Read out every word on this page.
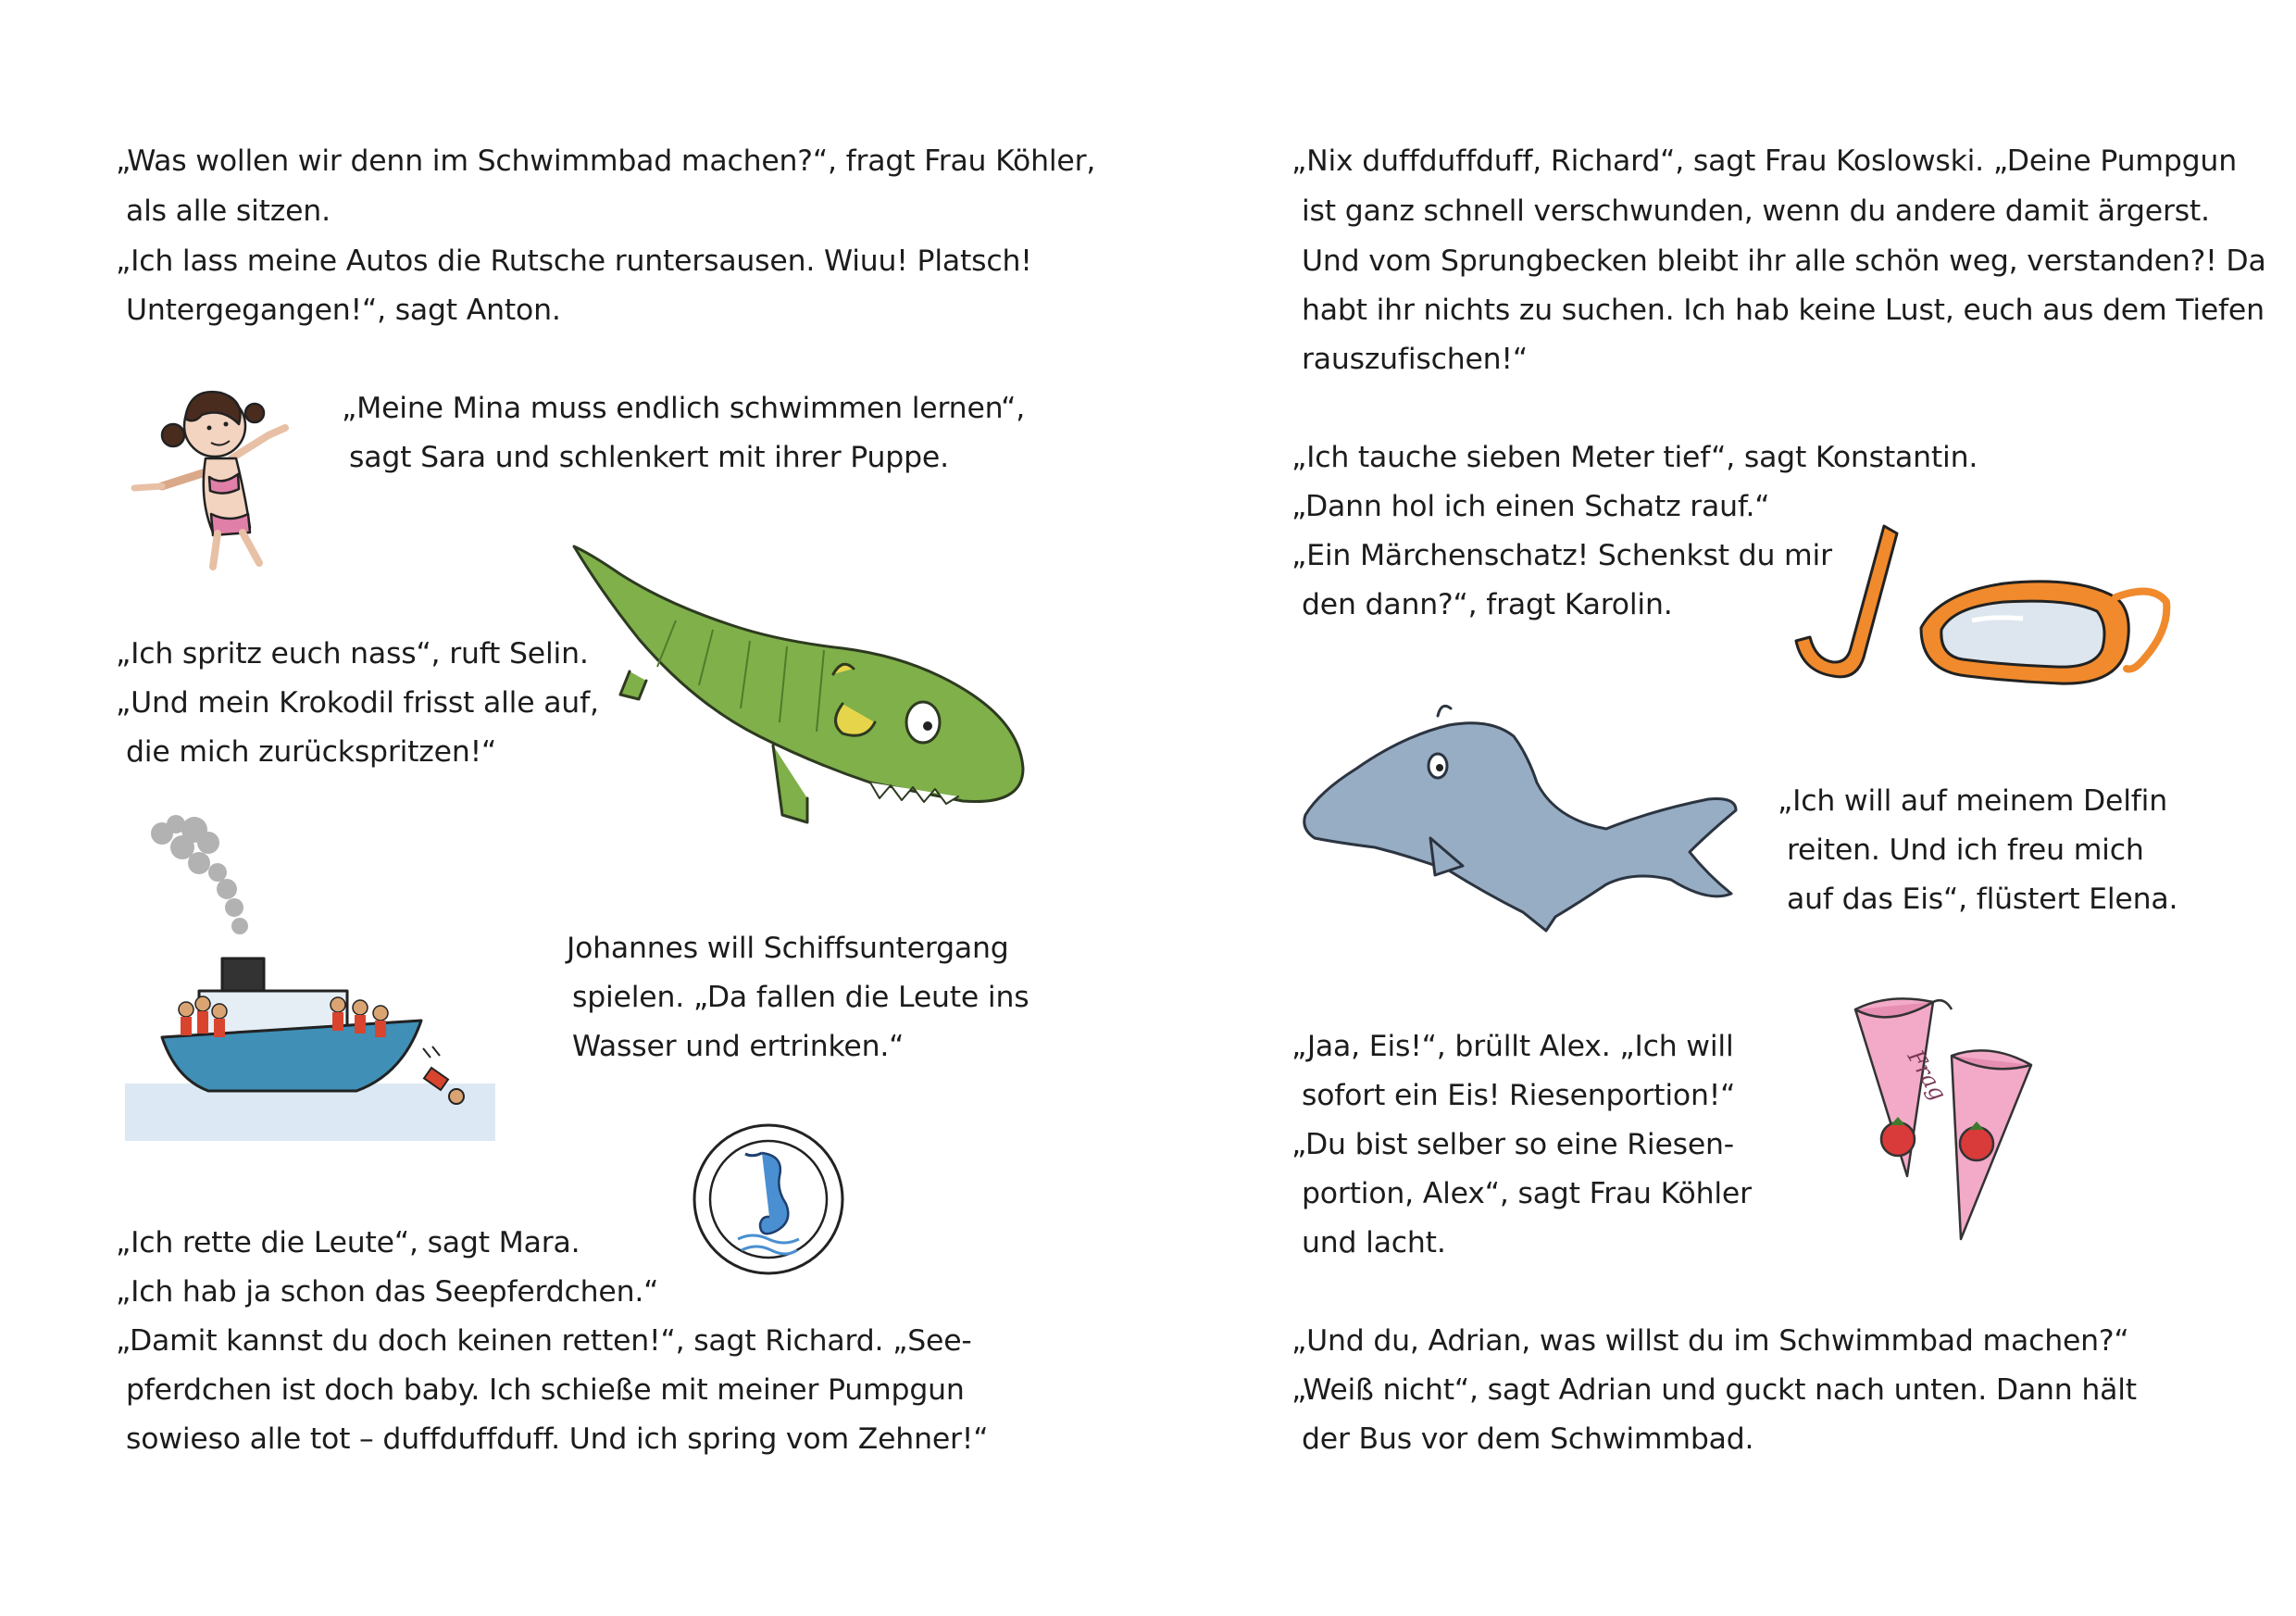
„Was wollen wir denn im Schwimmbad machen?“, fragt Frau Köhler,

als alle sitzen.

„Ich lass meine Autos die Rutsche runtersausen. Wiuu! Platsch!

Untergegangen!“, sagt Anton.

„Meine Mina muss endlich schwimmen lernen“,

sagt Sara und schlenkert mit ihrer Puppe.

„Ich spritz euch nass“, ruft Selin.

„Und mein Krokodil frisst alle auf,

die mich zurückspritzen!“

Johannes will Schiffsuntergang

spielen. „Da fallen die Leute ins

Wasser und ertrinken.“

„Ich rette die Leute“, sagt Mara.

„Ich hab ja schon das Seepferdchen.“

„Damit kannst du doch keinen retten!“, sagt Richard. „See-

pferdchen ist doch baby. Ich schieße mit meiner Pumpgun

sowieso alle tot – duffduffduff. Und ich spring vom Zehner!“

„Nix duffduffduff, Richard“, sagt Frau Koslowski. „Deine Pumpgun

ist ganz schnell verschwunden, wenn du andere damit ärgerst.

Und vom Sprungbecken bleibt ihr alle schön weg, verstanden?! Da

habt ihr nichts zu suchen. Ich hab keine Lust, euch aus dem Tiefen

rauszufischen!“

„Ich tauche sieben Meter tief“, sagt Konstantin.

„Dann hol ich einen Schatz rauf.“

„Ein Märchenschatz! Schenkst du mir

den dann?“, fragt Karolin.

„Ich will auf meinem Delfin

reiten. Und ich freu mich

auf das Eis“, flüstert Elena.

„Jaa, Eis!“, brüllt Alex. „Ich will

sofort ein Eis! Riesenportion!“

„Du bist selber so eine Riesen-

portion, Alex“, sagt Frau Köhler

und lacht.

„Und du, Adrian, was willst du im Schwimmbad machen?“

„Weiß nicht“, sagt Adrian und guckt nach unten. Dann hält

der Bus vor dem Schwimmbad.

Frag
